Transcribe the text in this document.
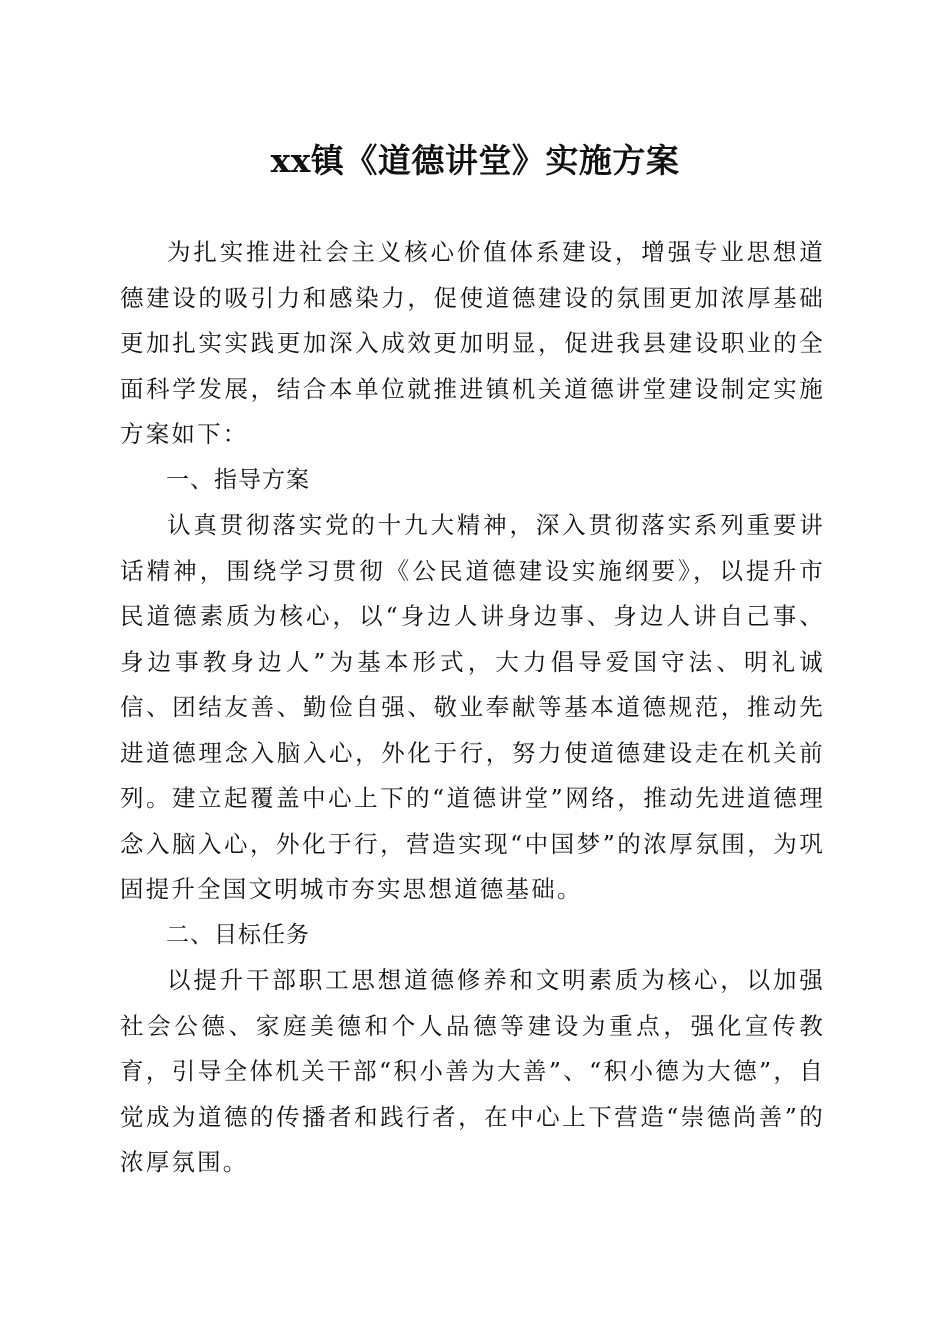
xx镇《道德讲堂》实施方案

为扎实推进社会主义核心价值体系建设，增强专业思想道德建设的吸引力和感染力，促使道德建设的氛围更加浓厚基础更加扎实实践更加深入成效更加明显，促进我县建设职业的全面科学发展，结合本单位就推进镇机关道德讲堂建设制定实施方案如下：

一、指导方案

认真贯彻落实党的十九大精神，深入贯彻落实系列重要讲话精神，围绕学习贯彻《公民道德建设实施纲要》，以提升市民道德素质为核心，以“身边人讲身边事、身边人讲自己事、身边事教身边人”为基本形式，大力倡导爱国守法、明礼诚信、团结友善、勤俭自强、敬业奉献等基本道德规范，推动先进道德理念入脑入心，外化于行，努力使道德建设走在机关前列。建立起覆盖中心上下的“道德讲堂”网络，推动先进道德理念入脑入心，外化于行，营造实现“中国梦”的浓厚氛围，为巩固提升全国文明城市夯实思想道德基础。

二、目标任务

以提升干部职工思想道德修养和文明素质为核心，以加强社会公德、家庭美德和个人品德等建设为重点，强化宣传教育，引导全体机关干部“积小善为大善”、“积小德为大德”，自觉成为道德的传播者和践行者，在中心上下营造“崇德尚善”的浓厚氛围。
